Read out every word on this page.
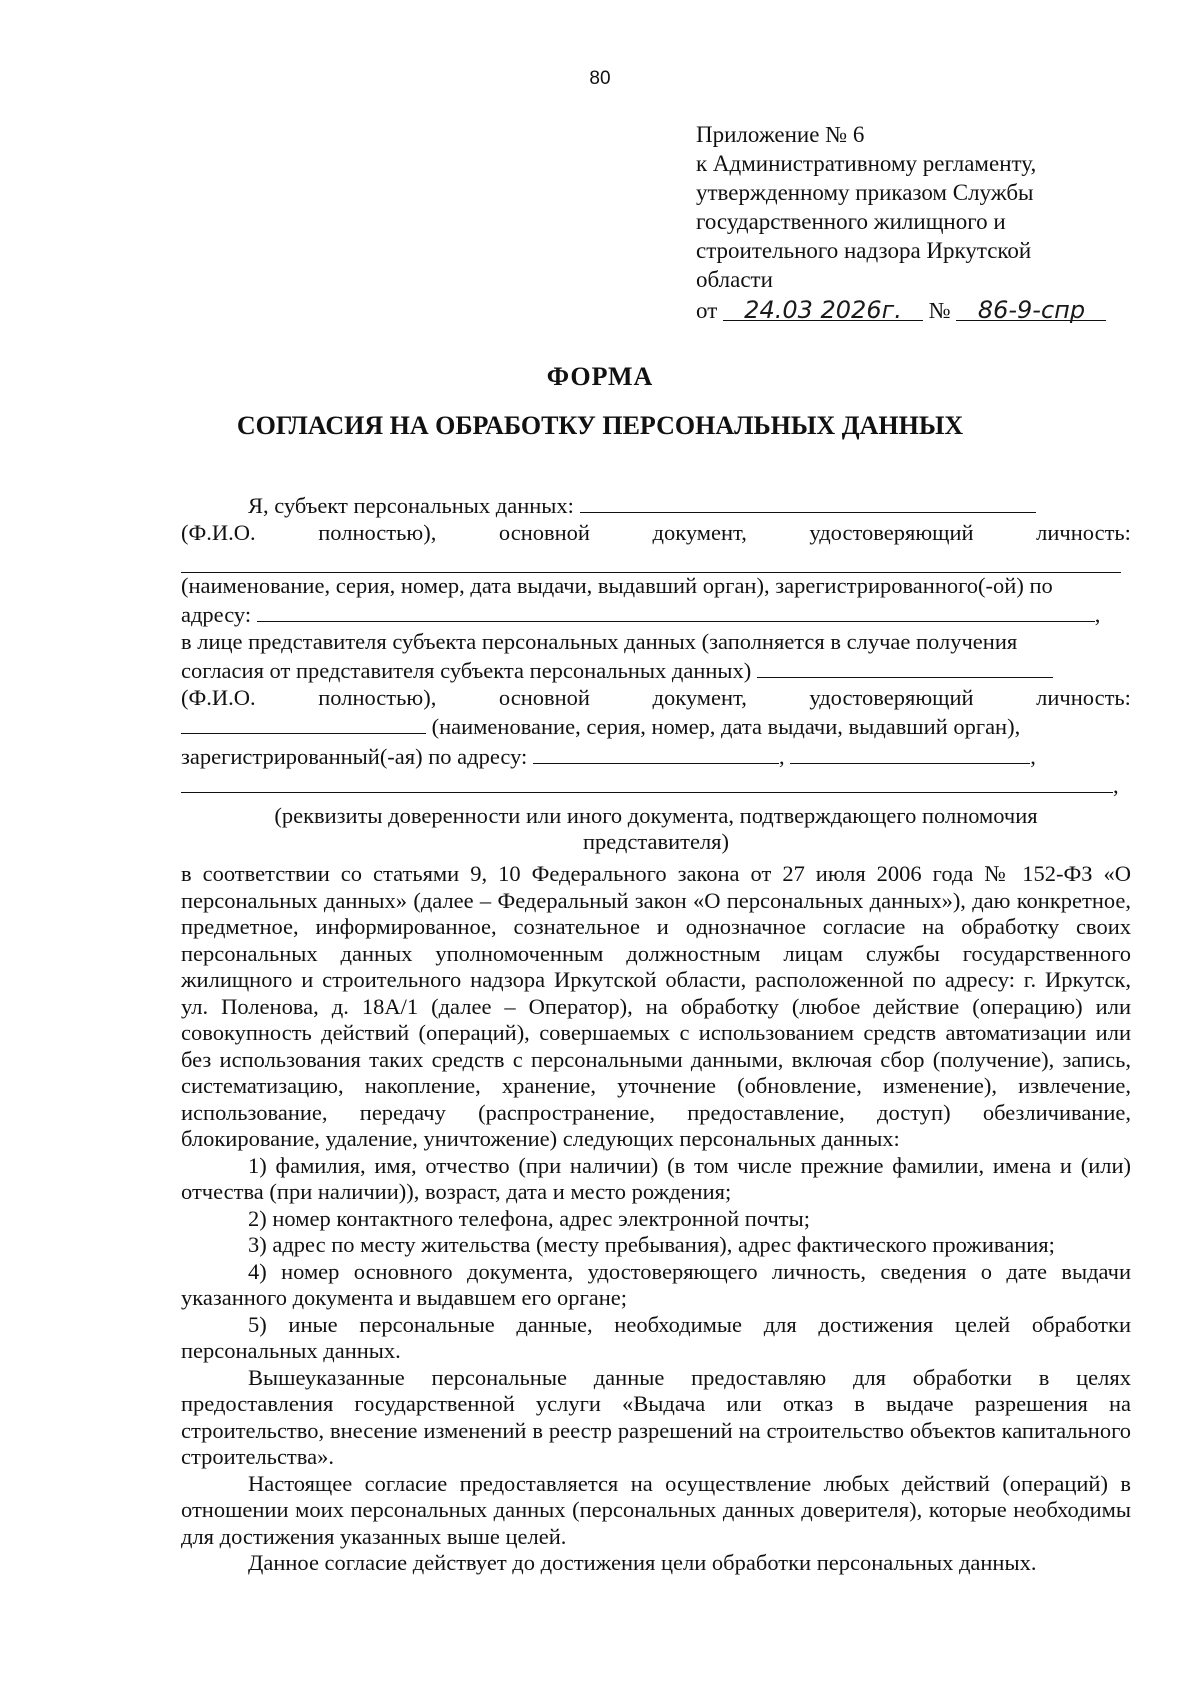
80
Приложение № 6
к Административному регламенту,
утвержденному приказом Службы
государственного жилищного и
строительного надзора Иркутской
области
от 24.03 2026г. № 86-9-спр
ФОРМА
СОГЛАСИЯ НА ОБРАБОТКУ ПЕРСОНАЛЬНЫХ ДАННЫХ
Я, субъект персональных данных:
(Ф.И.О.	полностью),	основной	документ,	удостоверяющий	личность:
(наименование, серия, номер, дата выдачи, выдавший орган), зарегистрированного(-ой) по
адресу:	,
в лице представителя субъекта персональных данных (заполняется в случае получения
согласия от представителя субъекта персональных данных)
(Ф.И.О.	полностью),	основной	документ,	удостоверяющий	личность:
(наименование, серия, номер, дата выдачи, выдавший орган),
зарегистрированный(-ая) по адресу:	,	,
,
(реквизиты доверенности или иного документа, подтверждающего полномочия
представителя)

в соответствии со статьями 9, 10 Федерального закона от 27 июля 2006 года № 152-ФЗ «О персональных данных» (далее – Федеральный закон «О персональных данных»), даю конкретное, предметное, информированное, сознательное и однозначное согласие на обработку своих персональных данных уполномоченным должностным лицам службы государственного жилищного и строительного надзора Иркутской области, расположенной по адресу: г. Иркутск, ул. Поленова, д. 18А/1 (далее – Оператор), на обработку (любое действие (операцию) или совокупность действий (операций), совершаемых с использованием средств автоматизации или без использования таких средств с персональными данными, включая сбор (получение), запись, систематизацию, накопление, хранение, уточнение (обновление, изменение), извлечение, использование, передачу (распространение, предоставление, доступ) обезличивание, блокирование, удаление, уничтожение) следующих персональных данных:

1) фамилия, имя, отчество (при наличии) (в том числе прежние фамилии, имена и (или) отчества (при наличии)), возраст, дата и место рождения;

2) номер контактного телефона, адрес электронной почты;

3) адрес по месту жительства (месту пребывания), адрес фактического проживания;

4) номер основного документа, удостоверяющего личность, сведения о дате выдачи указанного документа и выдавшем его органе;

5) иные персональные данные, необходимые для достижения целей обработки персональных данных.

Вышеуказанные персональные данные предоставляю для обработки в целях предоставления государственной услуги «Выдача или отказ в выдаче разрешения на строительство, внесение изменений в реестр разрешений на строительство объектов капитального строительства».

Настоящее согласие предоставляется на осуществление любых действий (операций) в отношении моих персональных данных (персональных данных доверителя), которые необходимы для достижения указанных выше целей.

Данное согласие действует до достижения цели обработки персональных данных.
